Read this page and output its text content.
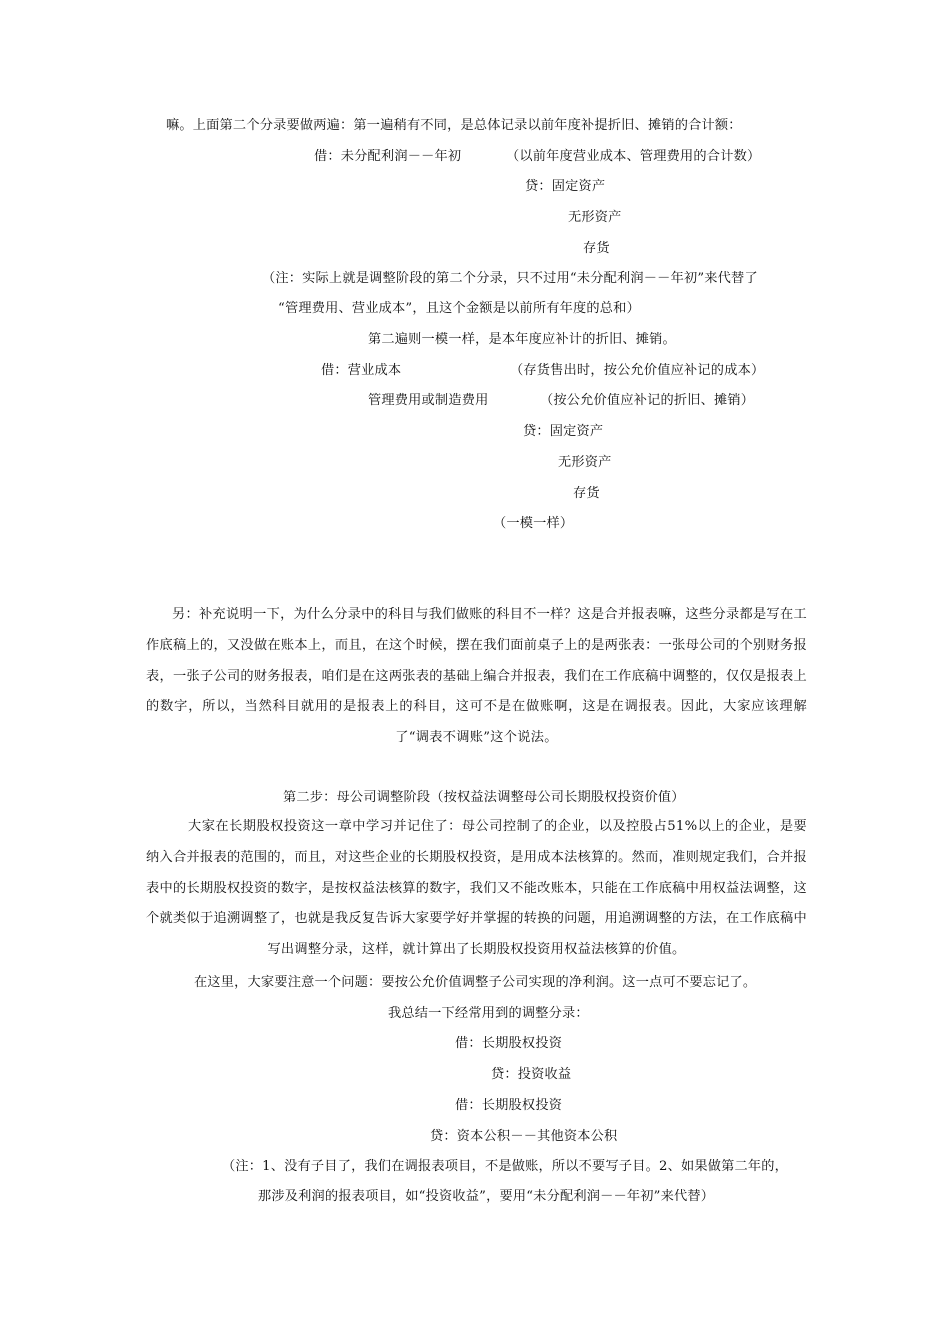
嘛。上面第二个分录要做两遍：第一遍稍有不同，是总体记录以前年度补提折旧、摊销的合计额：
借：未分配利润－－年初	（以前年度营业成本、管理费用的合计数）
贷：固定资产
无形资产
存货
（注：实际上就是调整阶段的第二个分录，只不过用“未分配利润－－年初”来代替了
“管理费用、营业成本”，且这个金额是以前所有年度的总和）
第二遍则一模一样，是本年度应补计的折旧、摊销。
借：营业成本	（存货售出时，按公允价值应补记的成本）
管理费用或制造费用	（按公允价值应补记的折旧、摊销）
贷：固定资产
无形资产
存货
（一模一样）
另：补充说明一下，为什么分录中的科目与我们做账的科目不一样？这是合并报表嘛，这些分录都是写在工作底稿上的，又没做在账本上，而且，在这个时候，摆在我们面前桌子上的是两张表：一张母公司的个别财务报表，一张子公司的财务报表，咱们是在这两张表的基础上编合并报表，我们在工作底稿中调整的，仅仅是报表上的数字，所以，当然科目就用的是报表上的科目，这可不是在做账啊，这是在调报表。因此，大家应该理解了“调表不调账”这个说法。
第二步：母公司调整阶段（按权益法调整母公司长期股权投资价值）
大家在长期股权投资这一章中学习并记住了：母公司控制了的企业，以及控股占51%以上的企业，是要纳入合并报表的范围的，而且，对这些企业的长期股权投资，是用成本法核算的。然而，准则规定我们，合并报表中的长期股权投资的数字，是按权益法核算的数字，我们又不能改账本，只能在工作底稿中用权益法调整，这个就类似于追溯调整了，也就是我反复告诉大家要学好并掌握的转换的问题，用追溯调整的方法，在工作底稿中写出调整分录，这样，就计算出了长期股权投资用权益法核算的价值。
在这里，大家要注意一个问题：要按公允价值调整子公司实现的净利润。这一点可不要忘记了。
我总结一下经常用到的调整分录：
借：长期股权投资
贷：投资收益
借：长期股权投资
贷：资本公积－－其他资本公积
（注：1、没有子目了，我们在调报表项目，不是做账，所以不要写子目。2、如果做第二年的，
那涉及利润的报表项目，如“投资收益”，要用“未分配利润－－年初”来代替）
